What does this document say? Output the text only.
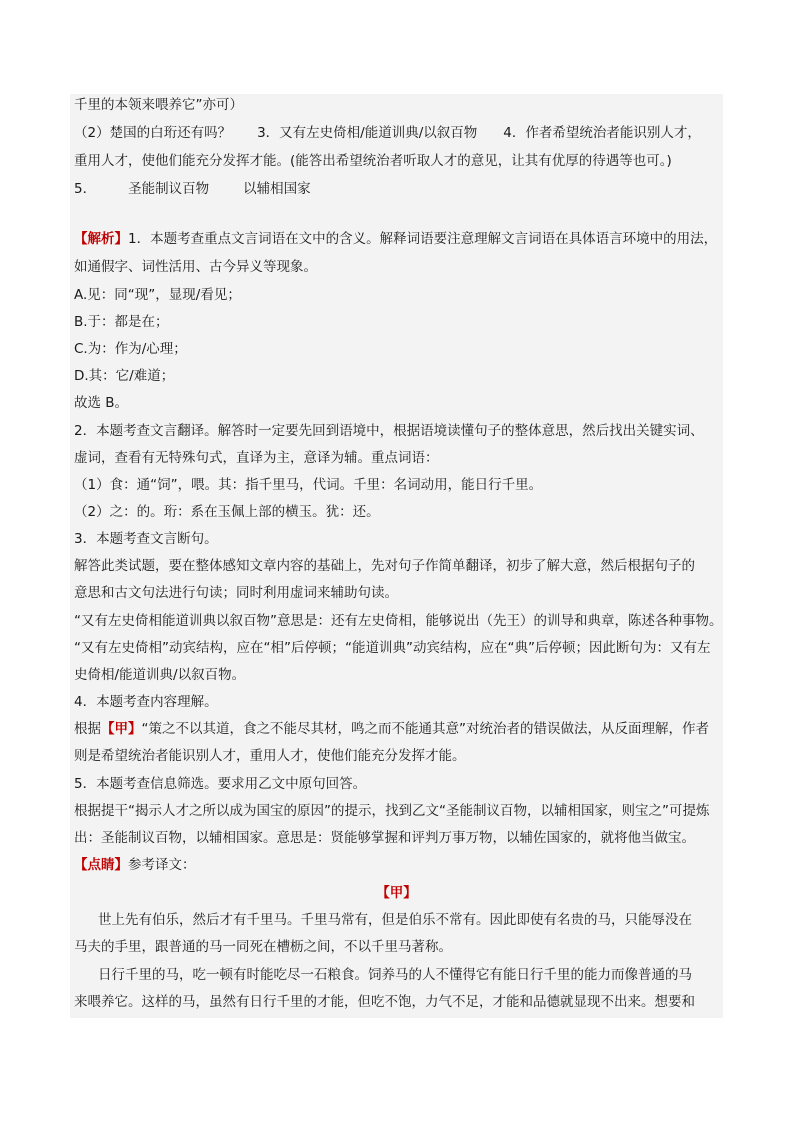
千里的本领来喂养它”亦可）
（2）楚国的白珩还有吗？ 3．又有左史倚相/能道训典/以叙百物 4．作者希望统治者能识别人才，
重用人才，使他们能充分发挥才能。(能答出希望统治者听取人才的意见，让其有优厚的待遇等也可。)
5． 圣能制议百物	以辅相国家
【解析】1．本题考查重点文言词语在文中的含义。解释词语要注意理解文言词语在具体语言环境中的用法，
如通假字、词性活用、古今异义等现象。
A.见：同“现”，显现/看见；
B.于：都是在；
C.为：作为/心理；
D.其：它/难道；
故选 B。
2．本题考查文言翻译。解答时一定要先回到语境中，根据语境读懂句子的整体意思，然后找出关键实词、
虚词，查看有无特殊句式，直译为主，意译为辅。重点词语：
（1）食：通“饲”，喂。其：指千里马，代词。千里：名词动用，能日行千里。
（2）之：的。珩：系在玉佩上部的横玉。犹：还。
3．本题考查文言断句。
解答此类试题，要在整体感知文章内容的基础上，先对句子作简单翻译，初步了解大意，然后根据句子的
意思和古文句法进行句读；同时利用虚词来辅助句读。
“又有左史倚相能道训典以叙百物”意思是：还有左史倚相，能够说出（先王）的训导和典章，陈述各种事物。
“又有左史倚相”动宾结构，应在“相”后停顿；“能道训典”动宾结构，应在“典”后停顿；因此断句为：又有左
史倚相/能道训典/以叙百物。
4．本题考查内容理解。
根据【甲】“策之不以其道，食之不能尽其材，鸣之而不能通其意”对统治者的错误做法，从反面理解，作者
则是希望统治者能识别人才，重用人才，使他们能充分发挥才能。
5．本题考查信息筛选。要求用乙文中原句回答。
根据提干“揭示人才之所以成为国宝的原因”的提示，找到乙文“圣能制议百物，以辅相国家，则宝之”可提炼
出：圣能制议百物，以辅相国家。意思是：贤能够掌握和评判万事万物，以辅佐国家的，就将他当做宝。
【点睛】参考译文：
【甲】
世上先有伯乐，然后才有千里马。千里马常有，但是伯乐不常有。因此即使有名贵的马，只能辱没在
马夫的手里，跟普通的马一同死在槽枥之间，不以千里马著称。
日行千里的马，吃一顿有时能吃尽一石粮食。饲养马的人不懂得它有能日行千里的能力而像普通的马
来喂养它。这样的马，虽然有日行千里的才能，但吃不饱，力气不足，才能和品德就显现不出来。想要和
